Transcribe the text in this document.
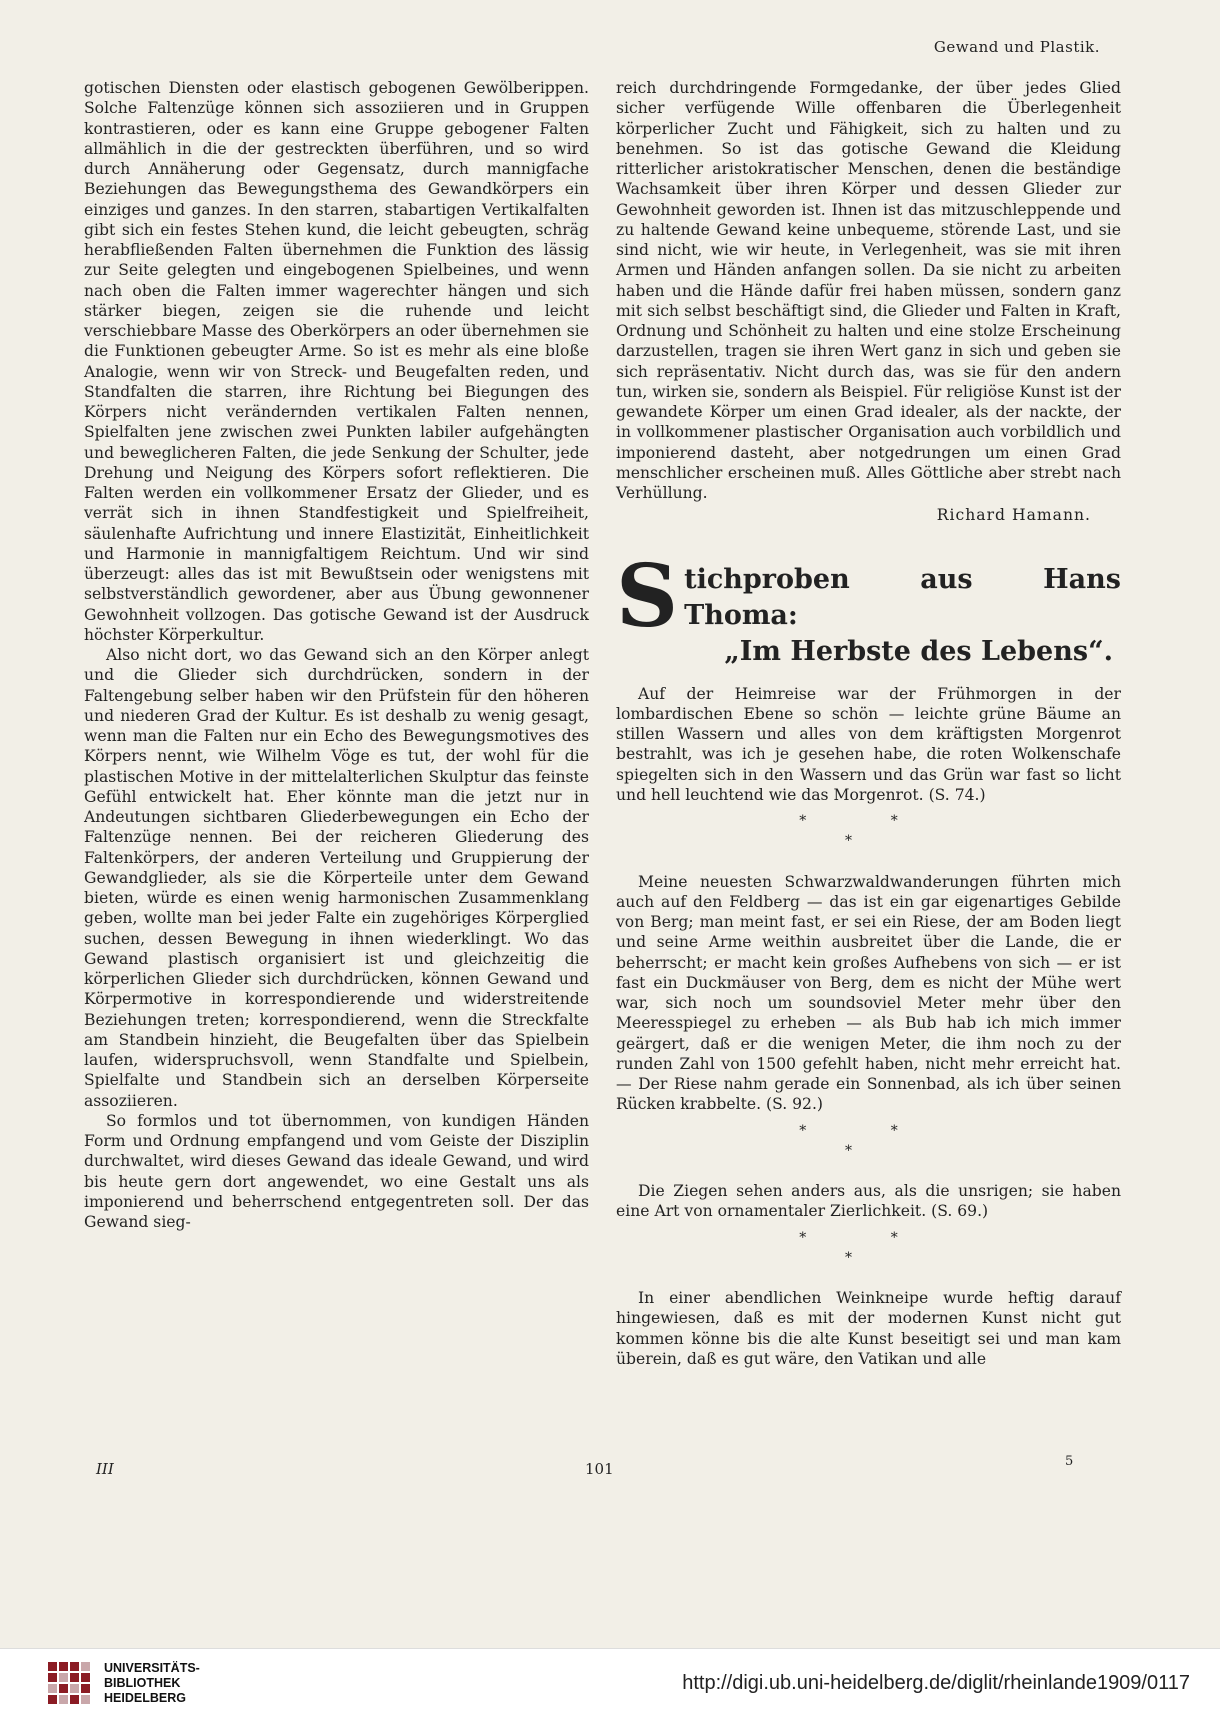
Gewand und Plastik.

gotischen Diensten oder elastisch gebogenen Gewölberippen. Solche Faltenzüge können sich assoziieren und in Gruppen kontrastieren, oder es kann eine Gruppe gebogener Falten allmählich in die der gestreckten überführen, und so wird durch Annäherung oder Gegensatz, durch mannigfache Beziehungen das Bewegungsthema des Gewandkörpers ein einziges und ganzes. In den starren, stabartigen Vertikalfalten gibt sich ein festes Stehen kund, die leicht gebeugten, schräg herabfließenden Falten übernehmen die Funktion des lässig zur Seite gelegten und eingebogenen Spielbeines, und wenn nach oben die Falten immer wagerechter hängen und sich stärker biegen, zeigen sie die ruhende und leicht verschiebbare Masse des Oberkörpers an oder übernehmen sie die Funktionen gebeugter Arme. So ist es mehr als eine bloße Analogie, wenn wir von Streck- und Beugefalten reden, und Standfalten die starren, ihre Richtung bei Biegungen des Körpers nicht verändernden vertikalen Falten nennen, Spielfalten jene zwischen zwei Punkten labiler aufgehängten und beweglicheren Falten, die jede Senkung der Schulter, jede Drehung und Neigung des Körpers sofort reflektieren. Die Falten werden ein vollkommener Ersatz der Glieder, und es verrät sich in ihnen Standfestigkeit und Spielfreiheit, säulenhafte Aufrichtung und innere Elastizität, Einheitlichkeit und Harmonie in mannigfaltigem Reichtum. Und wir sind überzeugt: alles das ist mit Bewußtsein oder wenigstens mit selbstverständlich gewordener, aber aus Übung gewonnener Gewohnheit vollzogen. Das gotische Gewand ist der Ausdruck höchster Körperkultur.

Also nicht dort, wo das Gewand sich an den Körper anlegt und die Glieder sich durchdrücken, sondern in der Faltengebung selber haben wir den Prüfstein für den höheren und niederen Grad der Kultur. Es ist deshalb zu wenig gesagt, wenn man die Falten nur ein Echo des Bewegungsmotives des Körpers nennt, wie Wilhelm Vöge es tut, der wohl für die plastischen Motive in der mittelalterlichen Skulptur das feinste Gefühl entwickelt hat. Eher könnte man die jetzt nur in Andeutungen sichtbaren Gliederbewegungen ein Echo der Faltenzüge nennen. Bei der reicheren Gliederung des Faltenkörpers, der anderen Verteilung und Gruppierung der Gewandglieder, als sie die Körperteile unter dem Gewand bieten, würde es einen wenig harmonischen Zusammenklang geben, wollte man bei jeder Falte ein zugehöriges Körperglied suchen, dessen Bewegung in ihnen wiederklingt. Wo das Gewand plastisch organisiert ist und gleichzeitig die körperlichen Glieder sich durchdrücken, können Gewand und Körpermotive in korrespondierende und widerstreitende Beziehungen treten; korrespondierend, wenn die Streckfalte am Standbein hinzieht, die Beugefalten über das Spielbein laufen, widerspruchsvoll, wenn Standfalte und Spielbein, Spielfalte und Standbein sich an derselben Körperseite assoziieren.

So formlos und tot übernommen, von kundigen Händen Form und Ordnung empfangend und vom Geiste der Disziplin durchwaltet, wird dieses Gewand das ideale Gewand, und wird bis heute gern dort angewendet, wo eine Gestalt uns als imponierend und beherrschend entgegentreten soll. Der das Gewand sieg-

reich durchdringende Formgedanke, der über jedes Glied sicher verfügende Wille offenbaren die Überlegenheit körperlicher Zucht und Fähigkeit, sich zu halten und zu benehmen. So ist das gotische Gewand die Kleidung ritterlicher aristokratischer Menschen, denen die beständige Wachsamkeit über ihren Körper und dessen Glieder zur Gewohnheit geworden ist. Ihnen ist das mitzuschleppende und zu haltende Gewand keine unbequeme, störende Last, und sie sind nicht, wie wir heute, in Verlegenheit, was sie mit ihren Armen und Händen anfangen sollen. Da sie nicht zu arbeiten haben und die Hände dafür frei haben müssen, sondern ganz mit sich selbst beschäftigt sind, die Glieder und Falten in Kraft, Ordnung und Schönheit zu halten und eine stolze Erscheinung darzustellen, tragen sie ihren Wert ganz in sich und geben sie sich repräsentativ. Nicht durch das, was sie für den andern tun, wirken sie, sondern als Beispiel. Für religiöse Kunst ist der gewandete Körper um einen Grad idealer, als der nackte, der in vollkommener plastischer Organisation auch vorbildlich und imponierend dasteht, aber notgedrungen um einen Grad menschlicher erscheinen muß. Alles Göttliche aber strebt nach Verhüllung.

Richard Hamann.
S tichproben aus Hans Thoma:
„Im Herbste des Lebens“.

Auf der Heimreise war der Frühmorgen in der lombardischen Ebene so schön — leichte grüne Bäume an stillen Wassern und alles von dem kräftigsten Morgenrot bestrahlt, was ich je gesehen habe, die roten Wolkenschafe spiegelten sich in den Wassern und das Grün war fast so licht und hell leuchtend wie das Morgenrot. (S. 74.)

* *
*

Meine neuesten Schwarzwaldwanderungen führten mich auch auf den Feldberg — das ist ein gar eigenartiges Gebilde von Berg; man meint fast, er sei ein Riese, der am Boden liegt und seine Arme weithin ausbreitet über die Lande, die er beherrscht; er macht kein großes Aufhebens von sich — er ist fast ein Duckmäuser von Berg, dem es nicht der Mühe wert war, sich noch um soundsoviel Meter mehr über den Meeresspiegel zu erheben — als Bub hab ich mich immer geärgert, daß er die wenigen Meter, die ihm noch zu der runden Zahl von 1500 gefehlt haben, nicht mehr erreicht hat. — Der Riese nahm gerade ein Sonnenbad, als ich über seinen Rücken krabbelte. (S. 92.)

* *
*

Die Ziegen sehen anders aus, als die unsrigen; sie haben eine Art von ornamentaler Zierlichkeit. (S. 69.)

* *
*

In einer abendlichen Weinkneipe wurde heftig darauf hingewiesen, daß es mit der modernen Kunst nicht gut kommen könne bis die alte Kunst beseitigt sei und man kam überein, daß es gut wäre, den Vatikan und alle

III	101	5
UNIVERSITÄTS-
BIBLIOTHEK
HEIDELBERG
http://digi.ub.uni-heidelberg.de/diglit/rheinlande1909/0117
